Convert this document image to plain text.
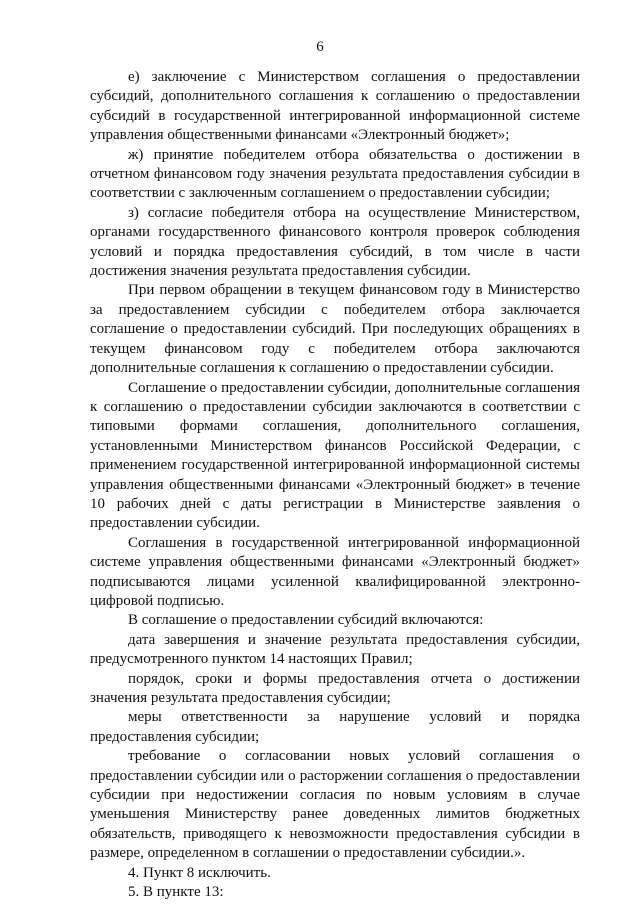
6

е) заключение с Министерством соглашения о предоставлении субсидий, дополнительного соглашения к соглашению о предоставлении субсидий в государственной интегрированной информационной системе управления общественными финансами «Электронный бюджет»;

ж) принятие победителем отбора обязательства о достижении в отчетном финансовом году значения результата предоставления субсидии в соответствии с заключенным соглашением о предоставлении субсидии;

з) согласие победителя отбора на осуществление Министерством, органами государственного финансового контроля проверок соблюдения условий и порядка предоставления субсидий, в том числе в части достижения значения результата предоставления субсидии.

При первом обращении в текущем финансовом году в Министерство за предоставлением субсидии с победителем отбора заключается соглашение о предоставлении субсидий. При последующих обращениях в текущем финансовом году с победителем отбора заключаются дополнительные соглашения к соглашению о предоставлении субсидии.

Соглашение о предоставлении субсидии, дополнительные соглашения к соглашению о предоставлении субсидии заключаются в соответствии с типовыми формами соглашения, дополнительного соглашения, установленными Министерством финансов Российской Федерации, с применением государственной интегрированной информационной системы управления общественными финансами «Электронный бюджет» в течение 10 рабочих дней с даты регистрации в Министерстве заявления о предоставлении субсидии.

Соглашения в государственной интегрированной информационной системе управления общественными финансами «Электронный бюджет» подписываются лицами усиленной квалифицированной электронно-цифровой подписью.

В соглашение о предоставлении субсидий включаются:

дата завершения и значение результата предоставления субсидии, предусмотренного пунктом 14 настоящих Правил;

порядок, сроки и формы предоставления отчета о достижении значения результата предоставления субсидии;

меры ответственности за нарушение условий и порядка предоставления субсидии;

требование о согласовании новых условий соглашения о предоставлении субсидии или о расторжении соглашения о предоставлении субсидии при недостижении согласия по новым условиям в случае уменьшения Министерству ранее доведенных лимитов бюджетных обязательств, приводящего к невозможности предоставления субсидии в размере, определенном в соглашении о предоставлении субсидии.».

4. Пункт 8 исключить.

5. В пункте 13:
